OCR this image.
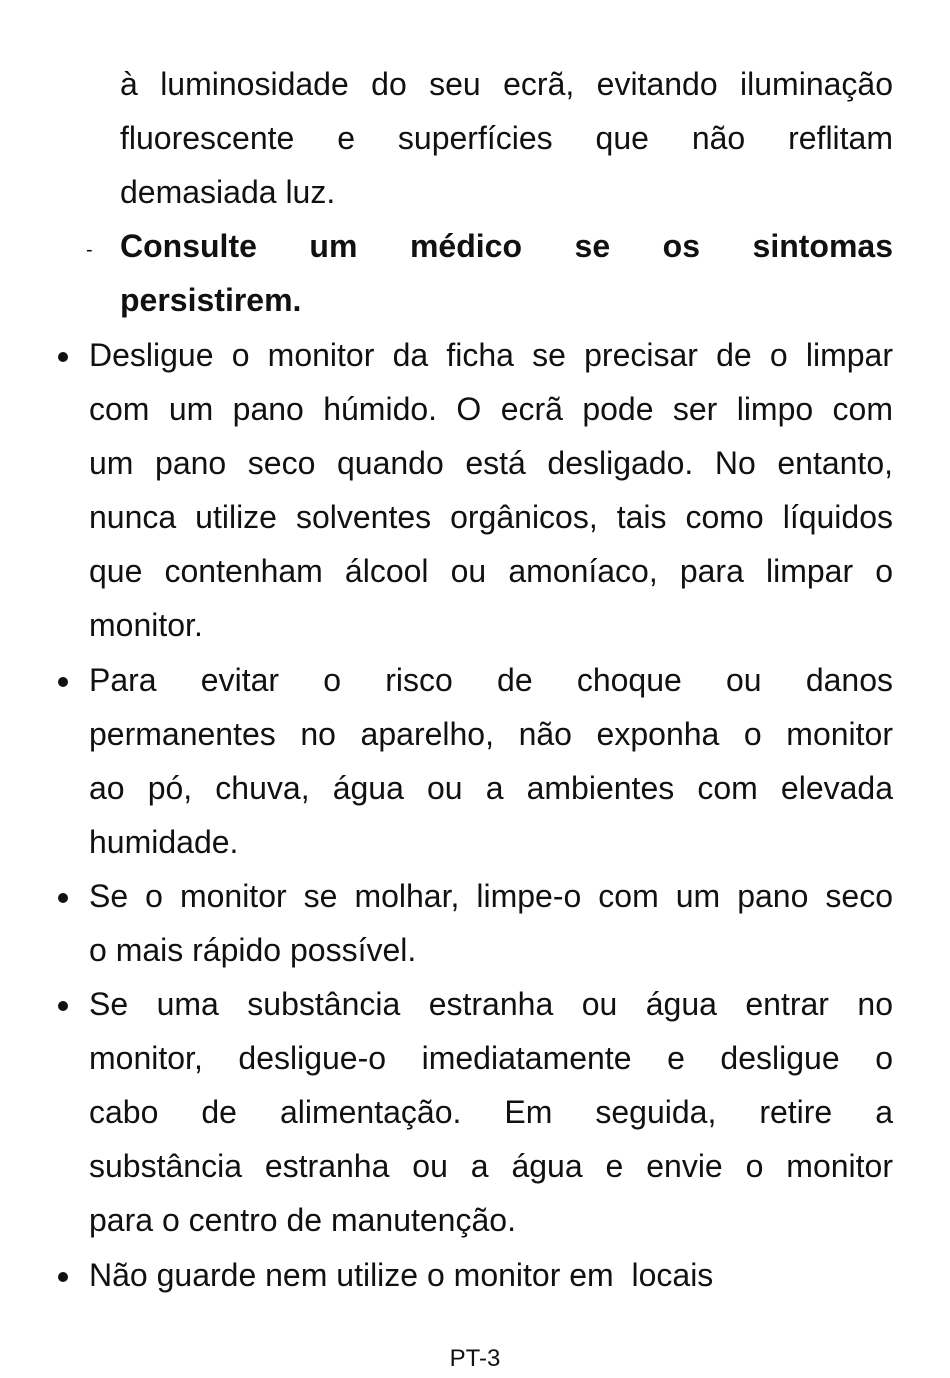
à luminosidade do seu ecrã, evitando iluminação
fluorescente e superfícies que não reflitam
demasiada luz.
- Consulte um médico se os sintomas
persistirem.
Desligue o monitor da ficha se precisar de o limpar
com um pano húmido. O ecrã pode ser limpo com
um pano seco quando está desligado. No entanto,
nunca utilize solventes orgânicos, tais como líquidos
que contenham álcool ou amoníaco, para limpar o
monitor.
Para evitar o risco de choque ou danos
permanentes no aparelho, não exponha o monitor
ao pó, chuva, água ou a ambientes com elevada
humidade.
Se o monitor se molhar, limpe-o com um pano seco
o mais rápido possível.
Se uma substância estranha ou água entrar no
monitor, desligue-o imediatamente e desligue o
cabo de alimentação. Em seguida, retire a
substância estranha ou a água e envie o monitor
para o centro de manutenção.
Não guarde nem utilize o monitor em  locais
PT-3
